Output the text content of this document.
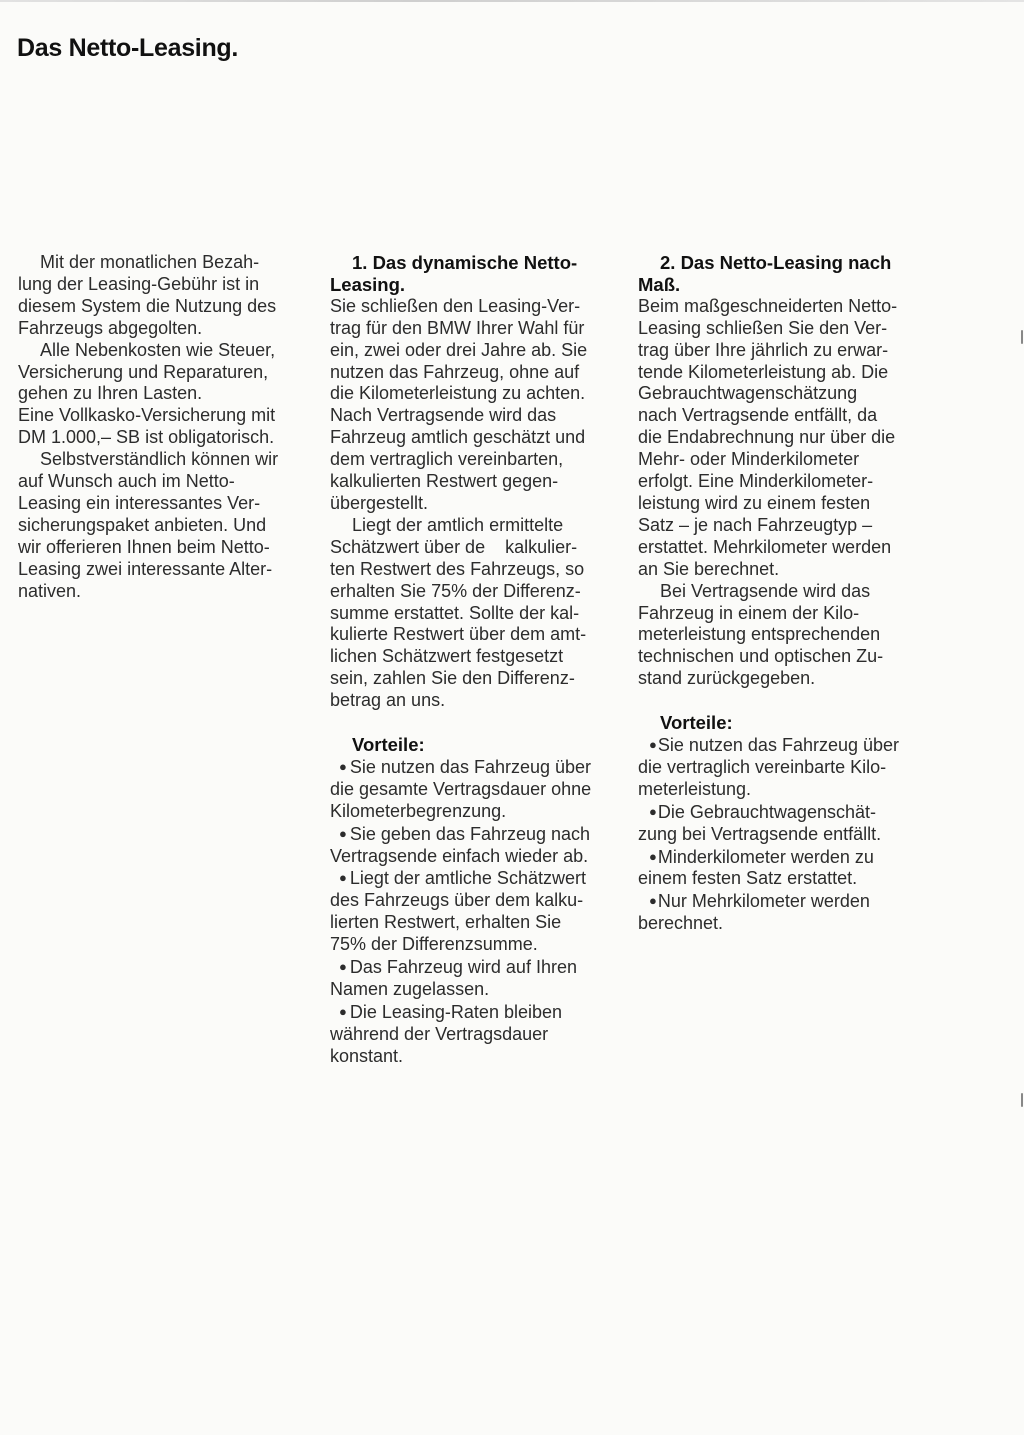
Das Netto-Leasing.
Mit der monatlichen Bezah-
lung der Leasing-Gebühr ist in
diesem System die Nutzung des
Fahrzeugs abgegolten.
Alle Nebenkosten wie Steuer,
Versicherung und Reparaturen,
gehen zu Ihren Lasten.
Eine Vollkasko-Versicherung mit
DM 1.000,– SB ist obligatorisch.
Selbstverständlich können wir
auf Wunsch auch im Netto-
Leasing ein interessantes Ver-
sicherungspaket anbieten. Und
wir offerieren Ihnen beim Netto-
Leasing zwei interessante Alter-
nativen.
1. Das dynamische Netto-
Leasing.
Sie schließen den Leasing-Ver-
trag für den BMW Ihrer Wahl für
ein, zwei oder drei Jahre ab. Sie
nutzen das Fahrzeug, ohne auf
die Kilometerleistung zu achten.
Nach Vertragsende wird das
Fahrzeug amtlich geschätzt und
dem vertraglich vereinbarten,
kalkulierten Restwert gegen-
übergestellt.
Liegt der amtlich ermittelte
Schätzwert über de    kalkulier-
ten Restwert des Fahrzeugs, so
erhalten Sie 75% der Differenz-
summe erstattet. Sollte der kal-
kulierte Restwert über dem amt-
lichen Schätzwert festgesetzt
sein, zahlen Sie den Differenz-
betrag an uns.
Vorteile:
● Sie nutzen das Fahrzeug über
die gesamte Vertragsdauer ohne
Kilometerbegrenzung.
● Sie geben das Fahrzeug nach
Vertragsende einfach wieder ab.
● Liegt der amtliche Schätzwert
des Fahrzeugs über dem kalku-
lierten Restwert, erhalten Sie
75% der Differenzsumme.
● Das Fahrzeug wird auf Ihren
Namen zugelassen.
● Die Leasing-Raten bleiben
während der Vertragsdauer
konstant.
2. Das Netto-Leasing nach
Maß.
Beim maßgeschneiderten Netto-
Leasing schließen Sie den Ver-
trag über Ihre jährlich zu erwar-
tende Kilometerleistung ab. Die
Gebrauchtwagenschätzung
nach Vertragsende entfällt, da
die Endabrechnung nur über die
Mehr- oder Minderkilometer
erfolgt. Eine Minderkilometer-
leistung wird zu einem festen
Satz – je nach Fahrzeugtyp –
erstattet. Mehrkilometer werden
an Sie berechnet.
Bei Vertragsende wird das
Fahrzeug in einem der Kilo-
meterleistung entsprechenden
technischen und optischen Zu-
stand zurückgegeben.
Vorteile:
●Sie nutzen das Fahrzeug über
die vertraglich vereinbarte Kilo-
meterleistung.
●Die Gebrauchtwagenschät-
zung bei Vertragsende entfällt.
●Minderkilometer werden zu
einem festen Satz erstattet.
●Nur Mehrkilometer werden
berechnet.
